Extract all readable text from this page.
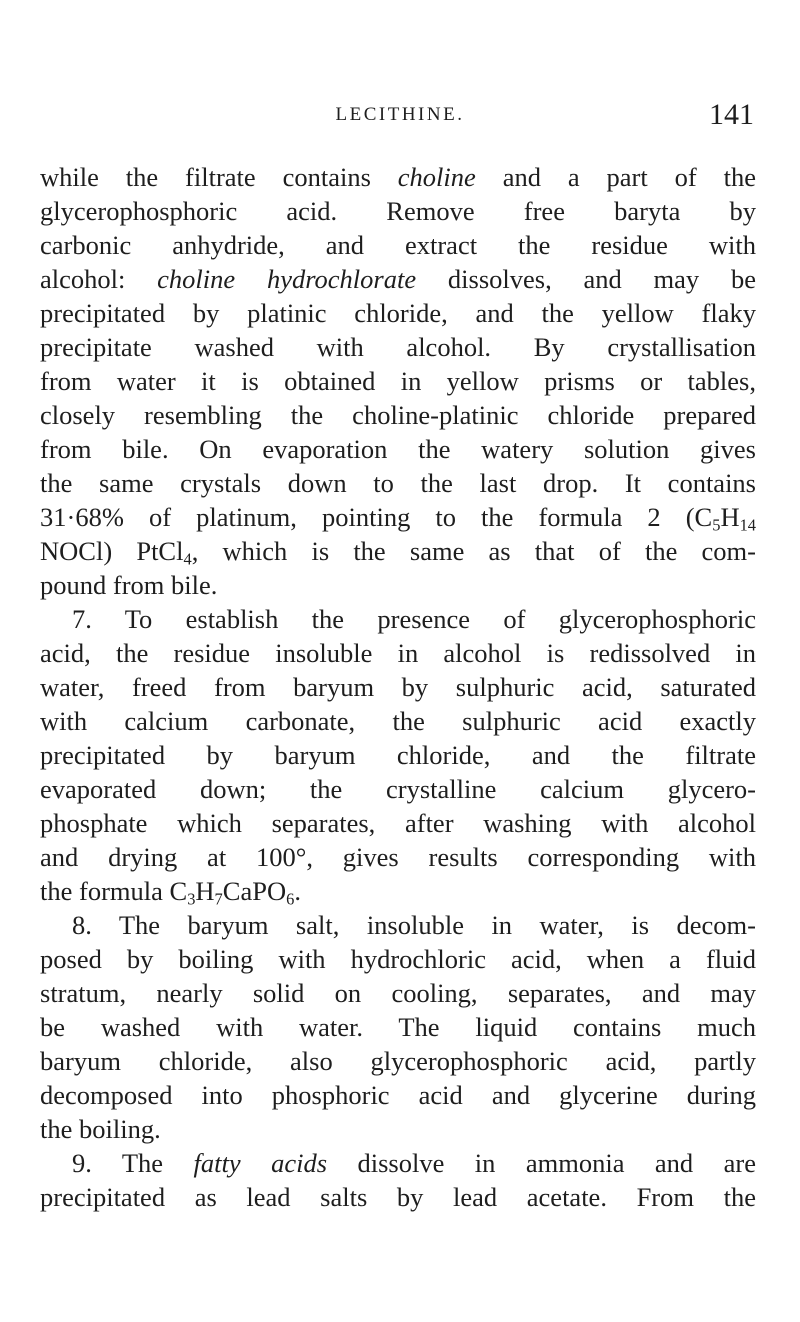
LECITHINE.	141
while the filtrate contains choline and a part of the
glycerophosphoric acid. Remove free baryta by
carbonic anhydride, and extract the residue with
alcohol: choline hydrochlorate dissolves, and may be
precipitated by platinic chloride, and the yellow flaky
precipitate washed with alcohol. By crystallisation
from water it is obtained in yellow prisms or tables,
closely resembling the choline-platinic chloride prepared
from bile. On evaporation the watery solution gives
the same crystals down to the last drop. It contains
31·68% of platinum, pointing to the formula 2 ($C_5H_{14}$
NOCl) PtCl$_4$, which is the same as that of the com-
pound from bile.
7. To establish the presence of glycerophosphoric
acid, the residue insoluble in alcohol is redissolved in
water, freed from baryum by sulphuric acid, saturated
with calcium carbonate, the sulphuric acid exactly
precipitated by baryum chloride, and the filtrate
evaporated down; the crystalline calcium glycero-
phosphate which separates, after washing with alcohol
and drying at 100°, gives results corresponding with
the formula $C_3H_7CaPO_6$.
8. The baryum salt, insoluble in water, is decom-
posed by boiling with hydrochloric acid, when a fluid
stratum, nearly solid on cooling, separates, and may
be washed with water. The liquid contains much
baryum chloride, also glycerophosphoric acid, partly
decomposed into phosphoric acid and glycerine during
the boiling.
9. The fatty acids dissolve in ammonia and are
precipitated as lead salts by lead acetate. From the
